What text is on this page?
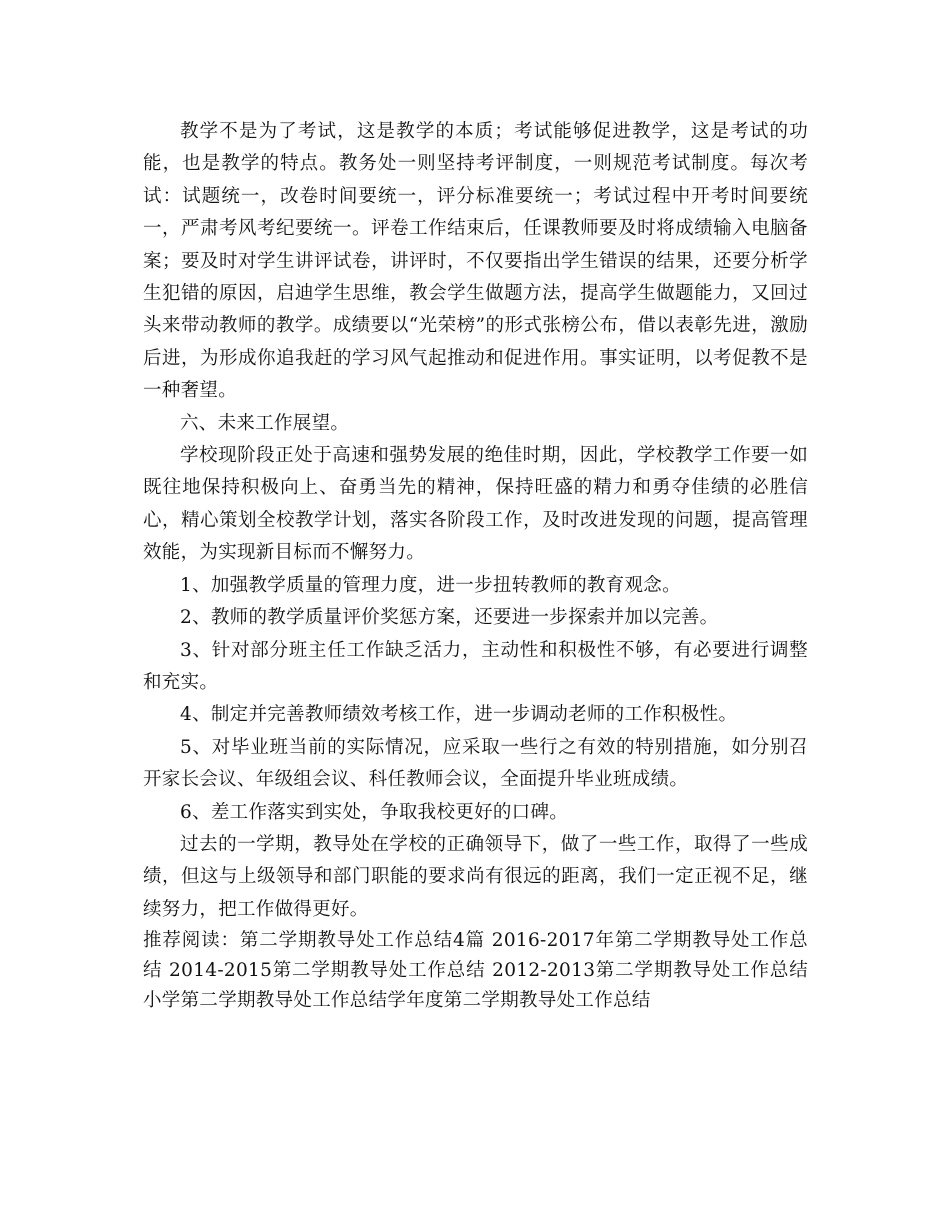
教学不是为了考试，这是教学的本质；考试能够促进教学，这是考试的功能，也是教学的特点。教务处一则坚持考评制度，一则规范考试制度。每次考试：试题统一，改卷时间要统一，评分标准要统一；考试过程中开考时间要统一，严肃考风考纪要统一。评卷工作结束后，任课教师要及时将成绩输入电脑备案；要及时对学生讲评试卷，讲评时，不仅要指出学生错误的结果，还要分析学生犯错的原因，启迪学生思维，教会学生做题方法，提高学生做题能力，又回过头来带动教师的教学。成绩要以“光荣榜”的形式张榜公布，借以表彰先进，激励后进，为形成你追我赶的学习风气起推动和促进作用。事实证明，以考促教不是一种奢望。

六、未来工作展望。

学校现阶段正处于高速和强势发展的绝佳时期，因此，学校教学工作要一如既往地保持积极向上、奋勇当先的精神，保持旺盛的精力和勇夺佳绩的必胜信心，精心策划全校教学计划，落实各阶段工作，及时改进发现的问题，提高管理效能，为实现新目标而不懈努力。

1、加强教学质量的管理力度，进一步扭转教师的教育观念。

2、教师的教学质量评价奖惩方案，还要进一步探索并加以完善。

3、针对部分班主任工作缺乏活力，主动性和积极性不够，有必要进行调整和充实。

4、制定并完善教师绩效考核工作，进一步调动老师的工作积极性。

5、对毕业班当前的实际情况，应采取一些行之有效的特别措施，如分别召开家长会议、年级组会议、科任教师会议，全面提升毕业班成绩。

6、差工作落实到实处，争取我校更好的口碑。

过去的一学期，教导处在学校的正确领导下，做了一些工作，取得了一些成绩，但这与上级领导和部门职能的要求尚有很远的距离，我们一定正视不足，继续努力，把工作做得更好。

推荐阅读：第二学期教导处工作总结4篇 2016-2017年第二学期教导处工作总结 2014-2015第二学期教导处工作总结 2012-2013第二学期教导处工作总结小学第二学期教导处工作总结学年度第二学期教导处工作总结
